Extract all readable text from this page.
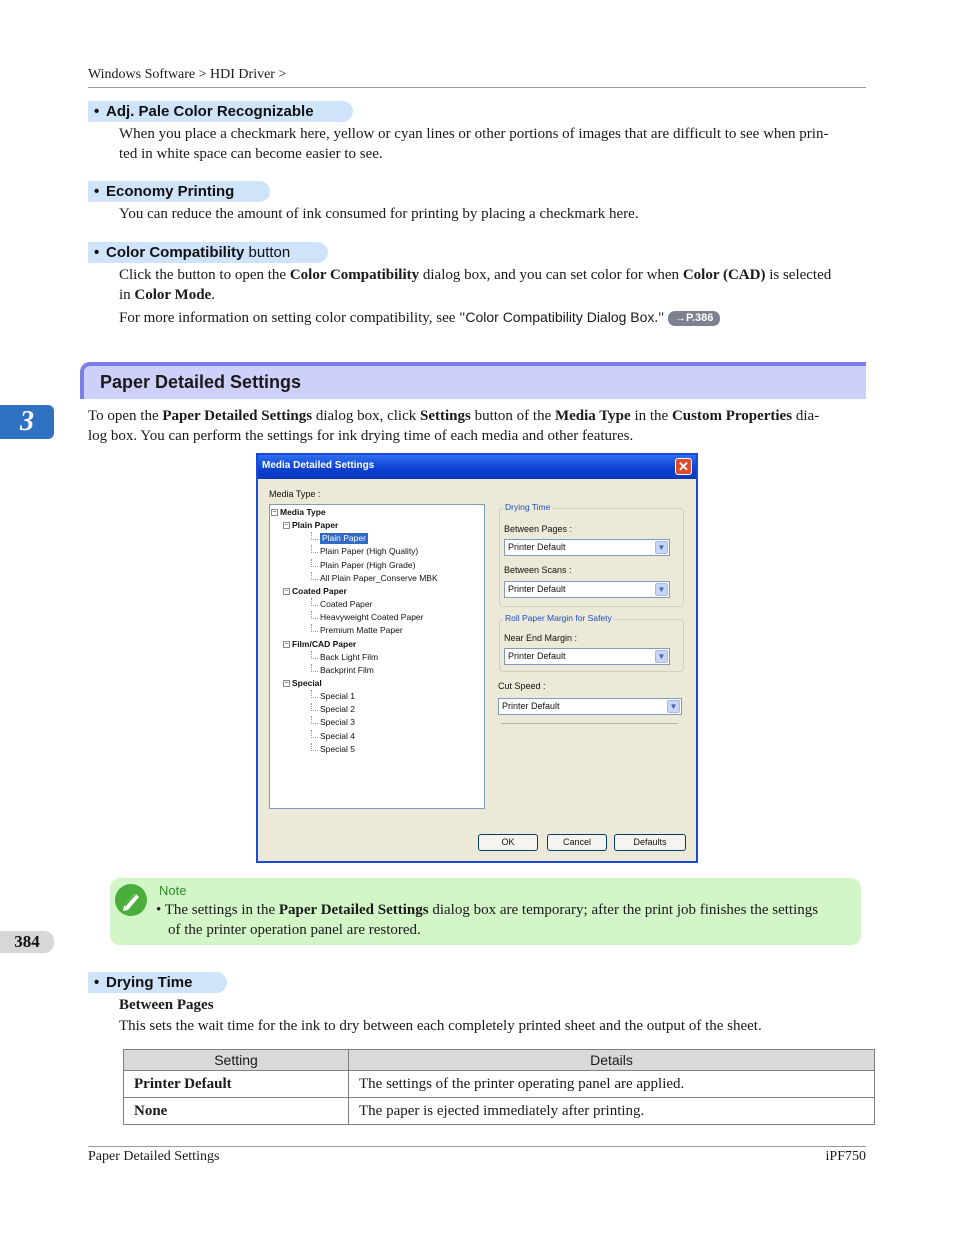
Windows Software > HDI Driver >
3
384
• Adj. Pale Color Recognizable
When you place a checkmark here, yellow or cyan lines or other portions of images that are difficult to see when prin-
ted in white space can become easier to see.
• Economy Printing
You can reduce the amount of ink consumed for printing by placing a checkmark here.
• Color Compatibility button
Click the button to open the Color Compatibility dialog box, and you can set color for when Color (CAD) is selected
in Color Mode.
For more information on setting color compatibility, see "Color Compatibility Dialog Box." →P.386
Paper Detailed Settings
To open the Paper Detailed Settings dialog box, click Settings button of the Media Type in the Custom Properties dia-
log box. You can perform the settings for ink drying time of each media and other features.
Media Detailed Settings	✕
Media Type :
− Media Type
− Plain Paper
Plain Paper
Plain Paper (High Quality)
Plain Paper (High Grade)
All Plain Paper_Conserve MBK
− Coated Paper
Coated Paper
Heavyweight Coated Paper
Premium Matte Paper
− Film/CAD Paper
Back Light Film
Backprint Film
− Special
Special 1
Special 2
Special 3
Special 4
Special 5
Drying Time
Between Pages :
Printer Default	▼
Between Scans :
Printer Default	▼
Roll Paper Margin for Safety
Near End Margin :
Printer Default	▼
Cut Speed :
Printer Default	▼
OK	Cancel	Defaults
Note
• The settings in the Paper Detailed Settings dialog box are temporary; after the print job finishes the settings
of the printer operation panel are restored.
• Drying Time
Between Pages
This sets the wait time for the ink to dry between each completely printed sheet and the output of the sheet.
Setting	Details
Printer Default	The settings of the printer operating panel are applied.
None	The paper is ejected immediately after printing.
Paper Detailed Settings	iPF750
